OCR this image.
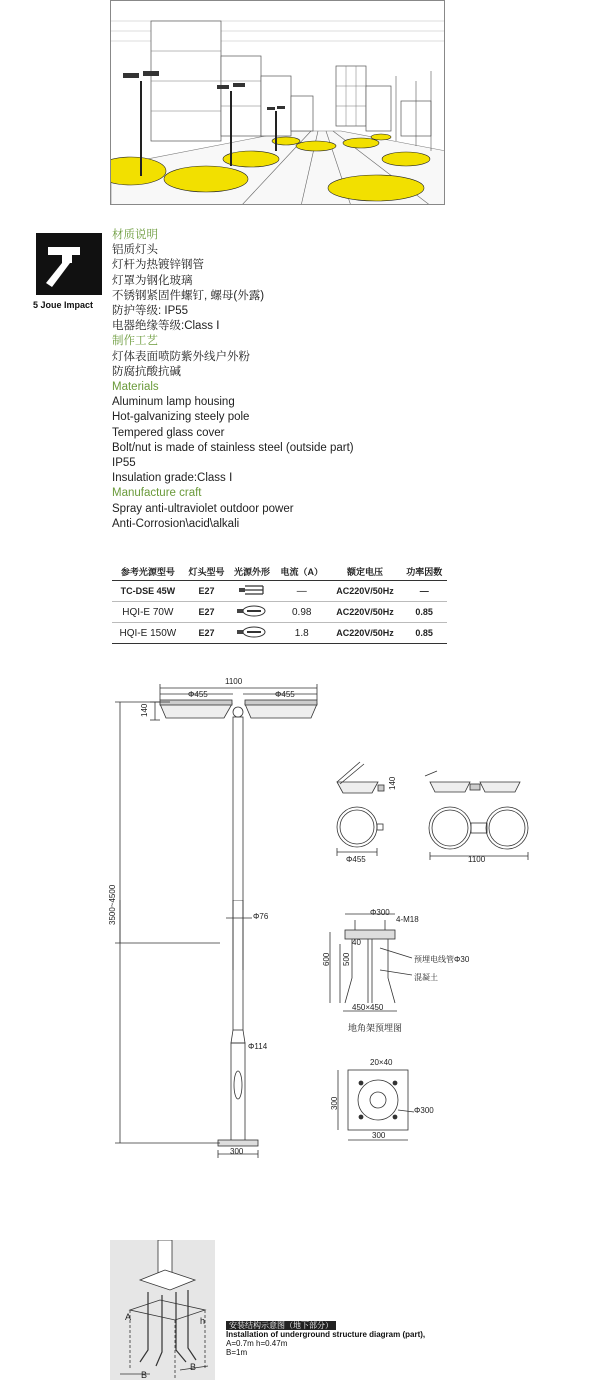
5 Joue Impact
材质说明
铝质灯头
灯杆为热镀锌钢管
灯罩为钢化玻璃
不锈钢紧固件螺钉, 螺母(外露)
防护等级: IP55
电器绝缘等级:Class Ⅰ
制作工艺
灯体表面喷防紫外线户外粉
防腐抗酸抗碱
Materials
Aluminum lamp housing
Hot-galvanizing steely pole
Tempered glass cover
Bolt/nut is made of stainless steel (outside part)
IP55
Insulation grade:Class Ⅰ
Manufacture craft
Spray anti-ultraviolet outdoor power
Anti-Corrosion\acid\alkali
参考光源型号	灯头型号	光源外形	电流（A）	额定电压	功率因数
TC-DSE 45W	E27		—	AC220V/50Hz	—
HQI-E 70W	E27		0.98	AC220V/50Hz	0.85
HQI-E 150W	E27		1.8	AC220V/50Hz	0.85
1100
Φ455	Φ455
140
3500~4500	Φ76
Φ114
300
140
Φ455	1100
Φ300
4-M18
40
600 500	预埋电线管Φ30
混凝土
450×450
地角架预埋图
20×40
300
300
Φ300
A	h
B
B
安装结构示意图（地下部分）
Installation of underground structure diagram (part),
A=0.7m h=0.47m
B=1m
